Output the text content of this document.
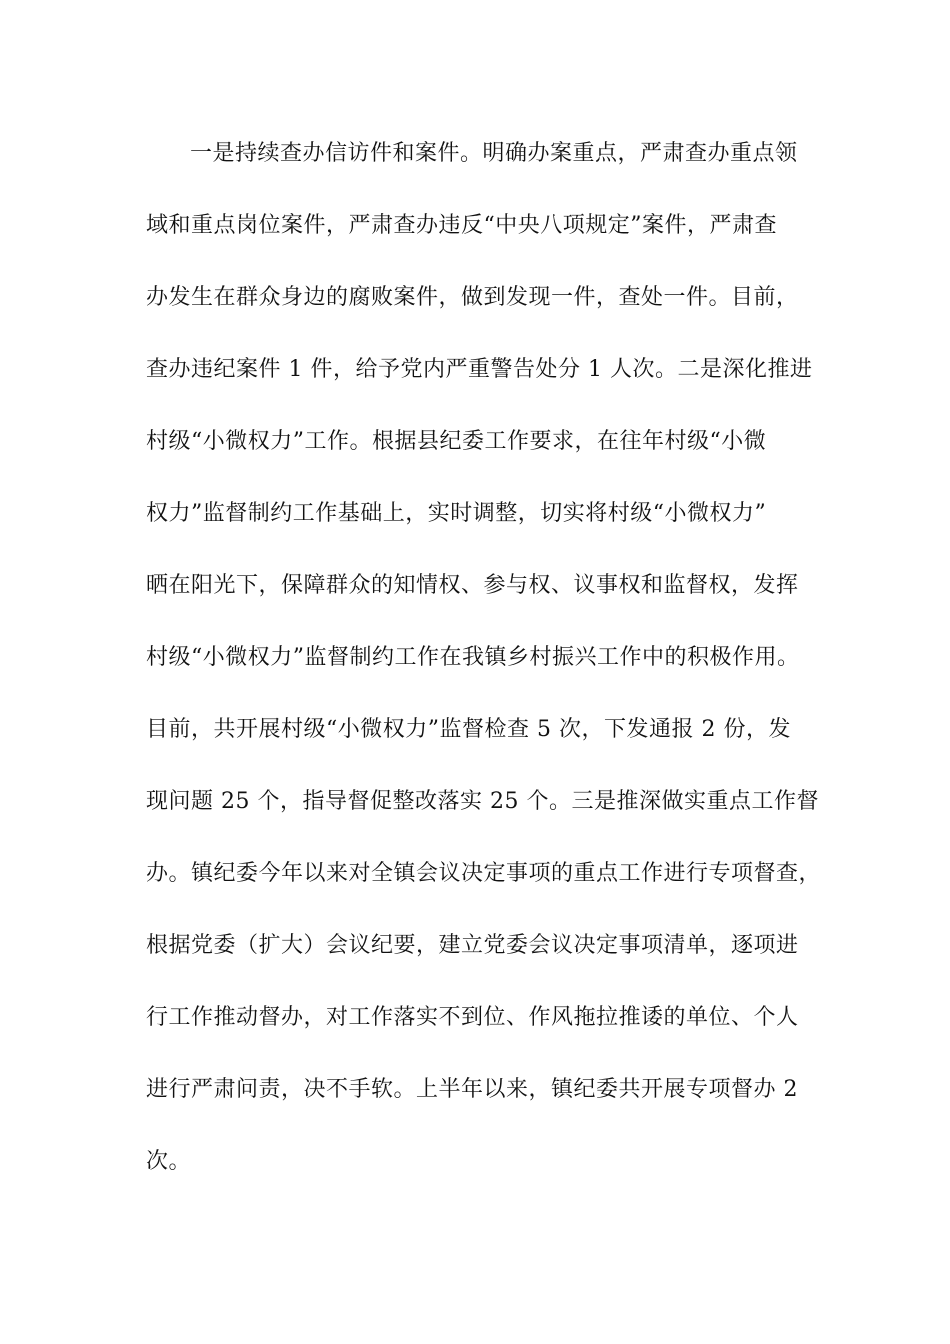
一是持续查办信访件和案件。明确办案重点，严肃查办重点领
域和重点岗位案件，严肃查办违反“中央八项规定”案件，严肃查
办发生在群众身边的腐败案件，做到发现一件，查处一件。目前，
查办违纪案件 1 件，给予党内严重警告处分 1 人次。二是深化推进
村级“小微权力”工作。根据县纪委工作要求，在往年村级“小微
权力”监督制约工作基础上，实时调整，切实将村级“小微权力”
晒在阳光下，保障群众的知情权、参与权、议事权和监督权，发挥
村级“小微权力”监督制约工作在我镇乡村振兴工作中的积极作用。
目前，共开展村级“小微权力”监督检查 5 次，下发通报 2 份，发
现问题 25 个，指导督促整改落实 25 个。三是推深做实重点工作督
办。镇纪委今年以来对全镇会议决定事项的重点工作进行专项督查，
根据党委（扩大）会议纪要，建立党委会议决定事项清单，逐项进
行工作推动督办，对工作落实不到位、作风拖拉推诿的单位、个人
进行严肃问责，决不手软。上半年以来，镇纪委共开展专项督办 2
次。
